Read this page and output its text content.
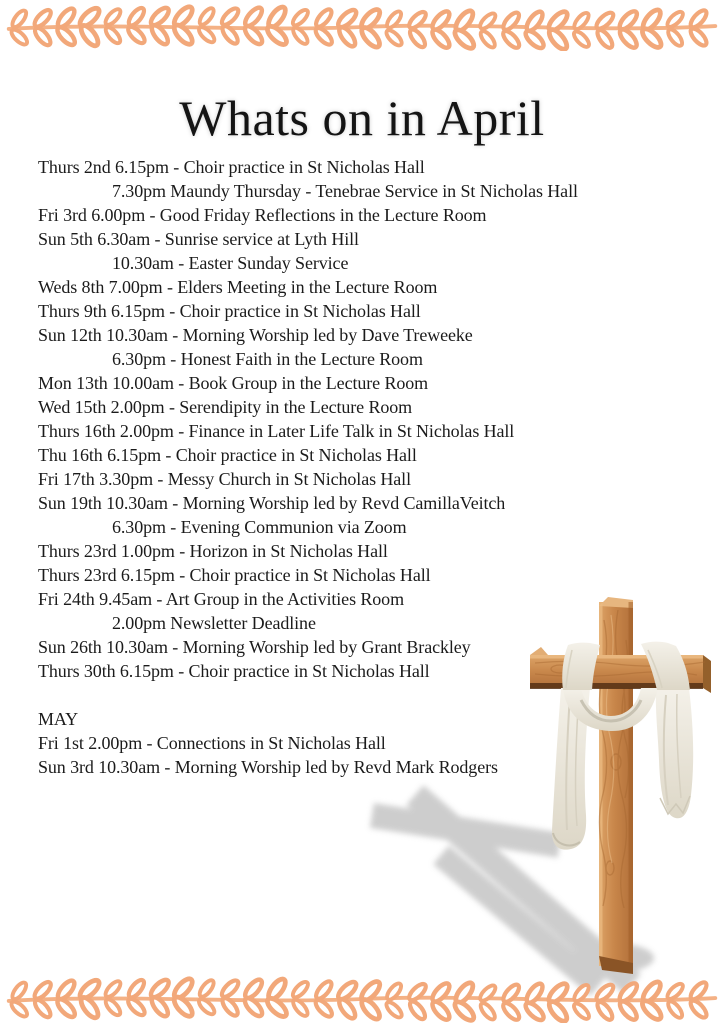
Whats on in April
Thurs 2nd 6.15pm - Choir practice in St Nicholas Hall
7.30pm Maundy Thursday - Tenebrae Service in St Nicholas Hall
Fri 3rd 6.00pm - Good Friday Reflections in the Lecture Room
Sun 5th 6.30am - Sunrise service at Lyth Hill
10.30am - Easter Sunday Service
Weds 8th 7.00pm - Elders Meeting in the Lecture Room
Thurs 9th 6.15pm - Choir practice in St Nicholas Hall
Sun 12th 10.30am - Morning Worship led by Dave Treweeke
6.30pm - Honest Faith in the Lecture Room
Mon 13th 10.00am - Book Group in the Lecture Room
Wed 15th 2.00pm - Serendipity in the Lecture Room
Thurs 16th 2.00pm - Finance in Later Life Talk in St Nicholas Hall
Thu 16th 6.15pm - Choir practice in St Nicholas Hall
Fri 17th 3.30pm - Messy Church in St Nicholas Hall
Sun 19th 10.30am - Morning Worship led by Revd CamillaVeitch
6.30pm - Evening Communion via Zoom
Thurs 23rd 1.00pm - Horizon in St Nicholas Hall
Thurs 23rd 6.15pm - Choir practice in St Nicholas Hall
Fri 24th 9.45am - Art Group in the Activities Room
2.00pm Newsletter Deadline
Sun 26th 10.30am - Morning Worship led by Grant Brackley
Thurs 30th 6.15pm - Choir practice in St Nicholas Hall
MAY
Fri 1st 2.00pm - Connections in St Nicholas Hall
Sun 3rd 10.30am - Morning Worship led by Revd Mark Rodgers
